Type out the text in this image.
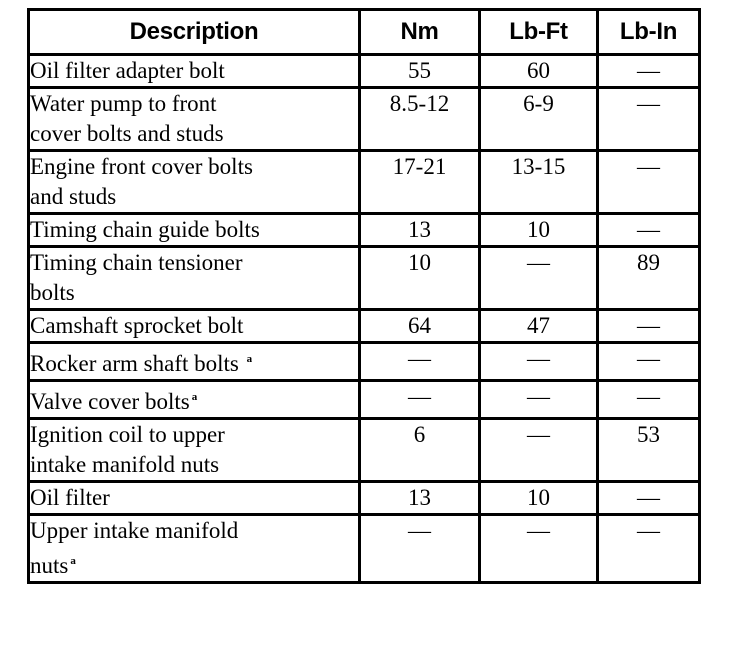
Description	Nm	Lb-Ft	Lb-In
Oil filter adapter bolt	55	60	—
Water pump to front
cover bolts and studs	8.5-12	6-9	—
Engine front cover bolts
and studs	17-21	13-15	—
Timing chain guide bolts	13	10	—
Timing chain tensioner
bolts	10	—	89
Camshaft sprocket bolt	64	47	—
Rocker arm shaft bolts $^a$	—	—	—
Valve cover bolts $^a$	—	—	—
Ignition coil to upper
intake manifold nuts	6	—	53
Oil filter	13	10	—
Upper intake manifold
nuts $^a$	—	—	—
